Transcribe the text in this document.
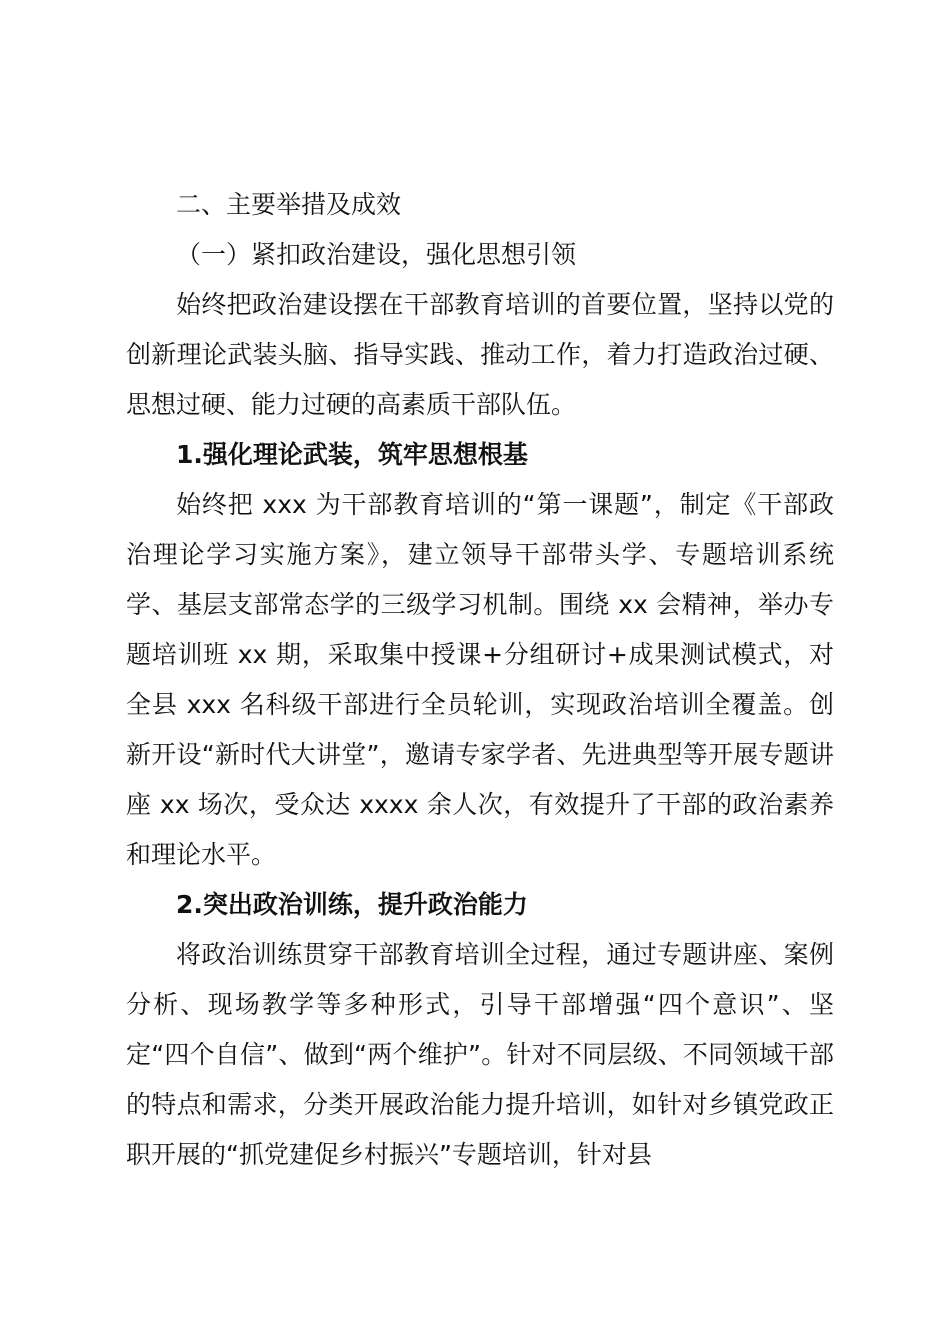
二、主要举措及成效

（一）紧扣政治建设，强化思想引领

始终把政治建设摆在干部教育培训的首要位置，坚持以党的创新理论武装头脑、指导实践、推动工作，着力打造政治过硬、思想过硬、能力过硬的高素质干部队伍。

1.强化理论武装，筑牢思想根基

始终把 xxx 为干部教育培训的“第一课题”，制定《干部政治理论学习实施方案》，建立领导干部带头学、专题培训系统学、基层支部常态学的三级学习机制。围绕 xx 会精神，举办专题培训班 xx 期，采取集中授课+分组研讨+成果测试模式，对全县 xxx 名科级干部进行全员轮训，实现政治培训全覆盖。创新开设“新时代大讲堂”，邀请专家学者、先进典型等开展专题讲座 xx 场次，受众达 xxxx 余人次，有效提升了干部的政治素养和理论水平。

2.突出政治训练，提升政治能力

将政治训练贯穿干部教育培训全过程，通过专题讲座、案例分析、现场教学等多种形式，引导干部增强“四个意识”、坚定“四个自信”、做到“两个维护”。针对不同层级、不同领域干部的特点和需求，分类开展政治能力提升培训，如针对乡镇党政正职开展的“抓党建促乡村振兴”专题培训，针对县
